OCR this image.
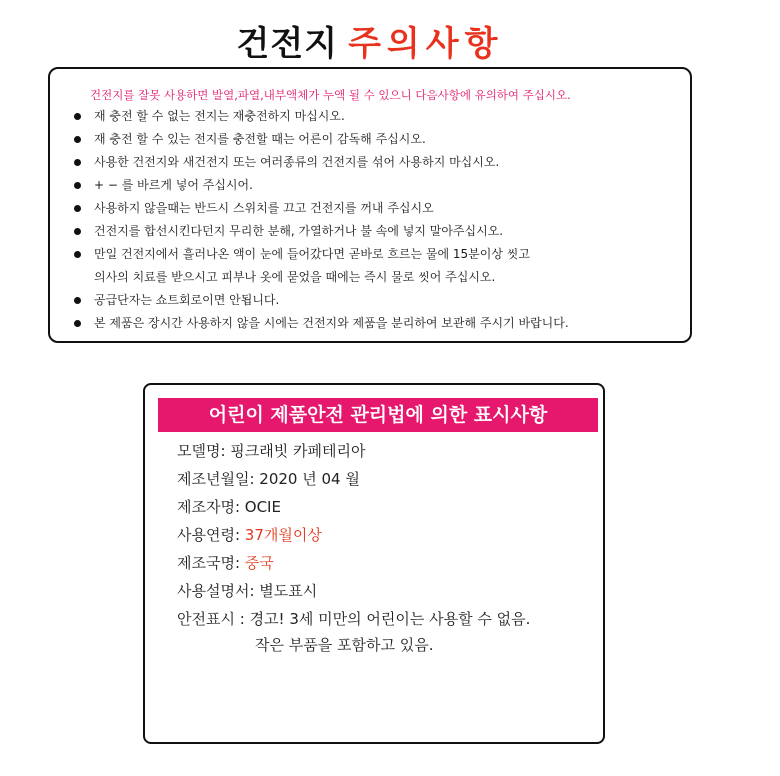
건전지 주의사항
건전지를 잘못 사용하면 발열,파열,내부액체가 누액 될 수 있으니 다음사항에 유의하여 주십시오.
재 충전 할 수 없는 전지는 재충전하지 마십시오.
재 충전 할 수 있는 전지를 충전할 때는 어른이 감독해 주십시오.
사용한 건전지와 새건전지 또는 여러종류의 건전지를 섞어 사용하지 마십시오.
+ − 를 바르게 넣어 주십시어.
사용하지 않을때는 반드시 스위치를 끄고 건전지를 꺼내 주십시오
건전지를 합선시킨다던지 무리한 분해, 가열하거나 불 속에 넣지 말아주십시오.
만일 건전지에서 흘러나온 액이 눈에 들어갔다면 곧바로 흐르는 물에 15분이상 씻고
의사의 치료를 받으시고 피부나 옷에 묻었을 때에는 즉시 물로 씻어 주십시오.
공급단자는 쇼트회로이면 안됩니다.
본 제품은 장시간 사용하지 않을 시에는 건전지와 제품을 분리하여 보관해 주시기 바랍니다.
어린이 제품안전 관리법에 의한 표시사항
모델명: 핑크래빗 카페테리아
제조년월일: 2020 년 04 월
제조자명: OCIE
사용연령: 37개월이상
제조국명: 중국
사용설명서: 별도표시
안전표시 : 경고! 3세 미만의 어린이는 사용할 수 없음.
작은 부품을 포함하고 있음.
